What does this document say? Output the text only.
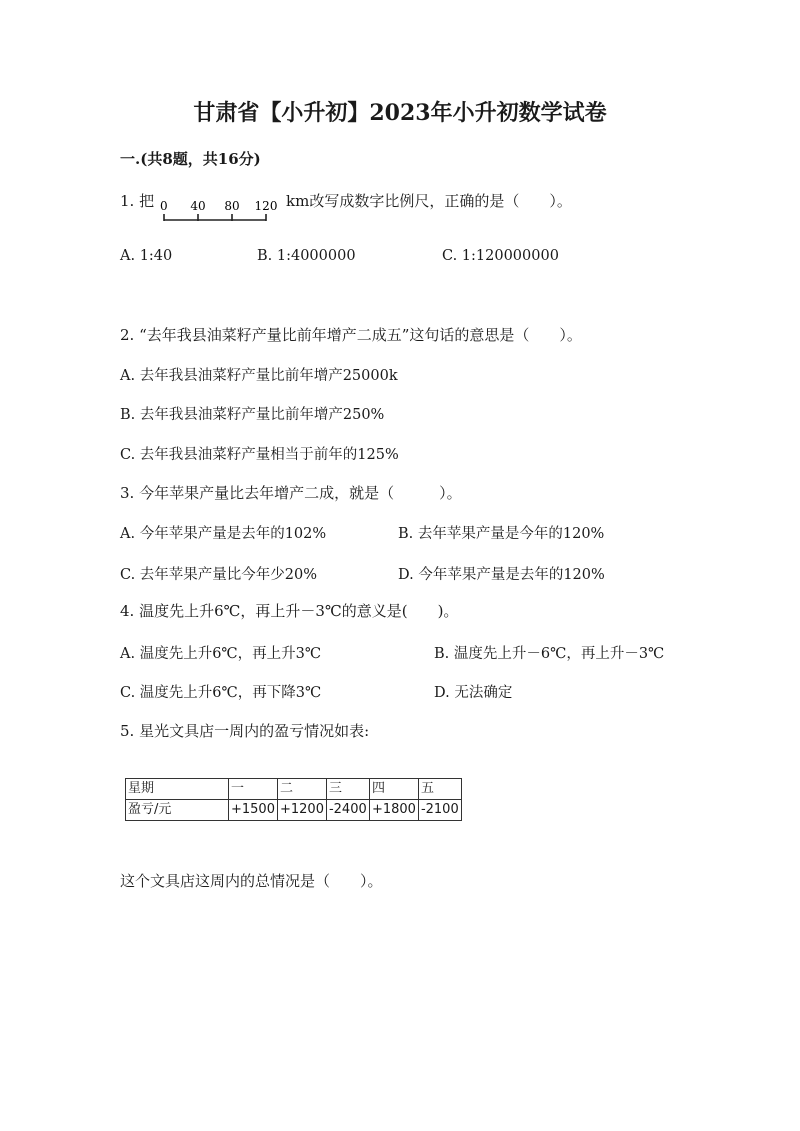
甘肃省【小升初】2023年小升初数学试卷
一.(共8题，共16分)
1. 把 0 40 80 120 km改写成数字比例尺，正确的是（　　）。
A. 1:40	B. 1:4000000	C. 1:120000000
2. “去年我县油菜籽产量比前年增产二成五”这句话的意思是（　　）。
A. 去年我县油菜籽产量比前年增产25000k
B. 去年我县油菜籽产量比前年增产250%
C. 去年我县油菜籽产量相当于前年的125%
3. 今年苹果产量比去年增产二成，就是（　　　）。
A. 今年苹果产量是去年的102%	B. 去年苹果产量是今年的120%
C. 去年苹果产量比今年少20%	D. 今年苹果产量是去年的120%
4. 温度先上升6℃，再上升－3℃的意义是(　　)。
A. 温度先上升6℃，再上升3℃	B. 温度先上升－6℃，再上升－3℃
C. 温度先上升6℃，再下降3℃	D. 无法确定
5. 星光文具店一周内的盈亏情况如表:
星期	一	二	三	四	五
盈亏/元	+1500	+1200	-2400	+1800	-2100
这个文具店这周内的总情况是（　　）。
